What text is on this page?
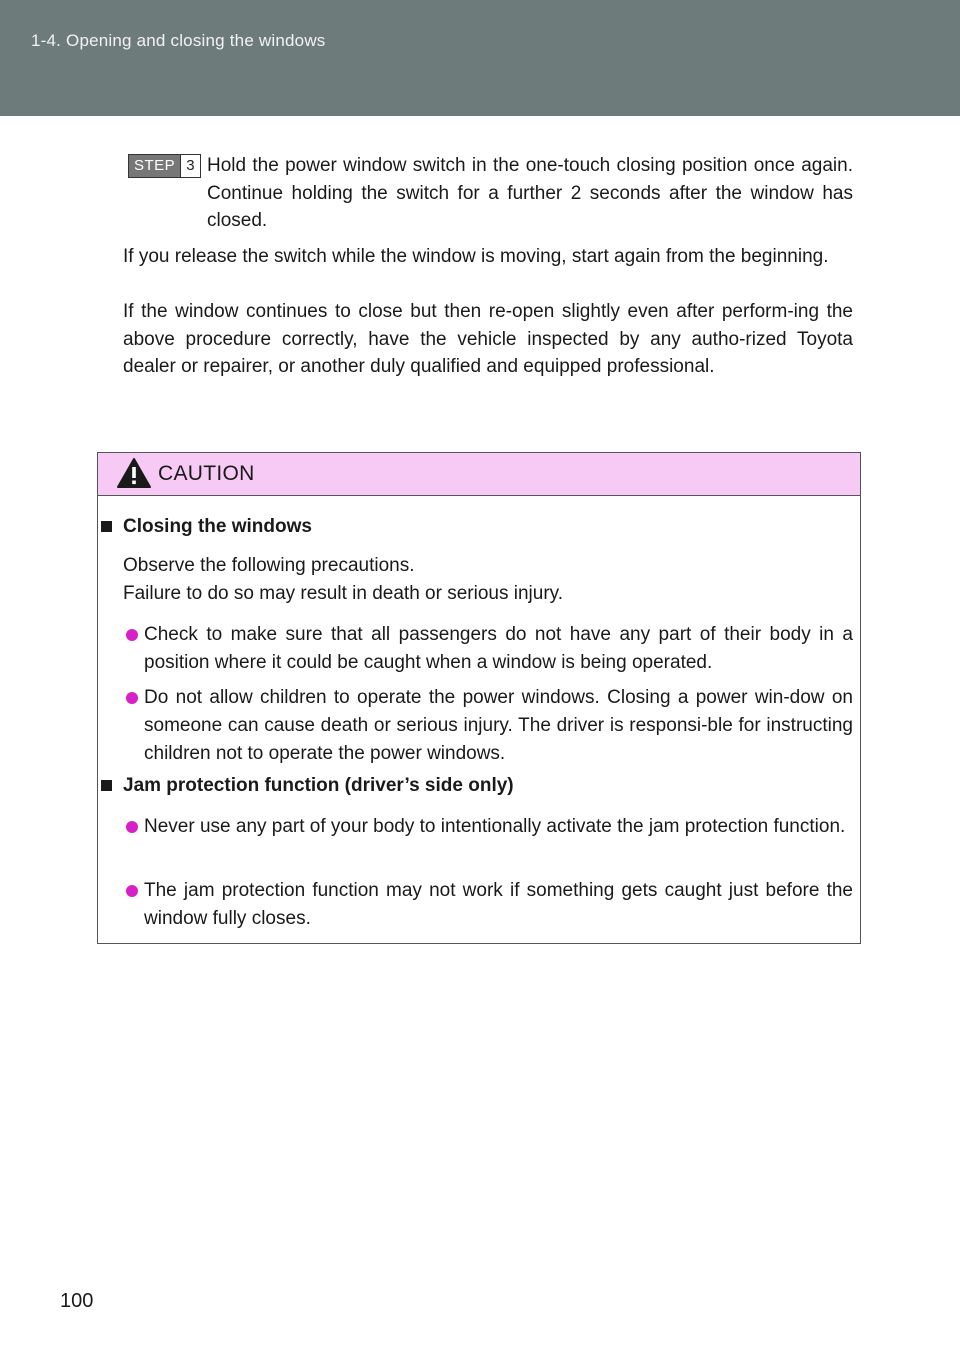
1-4. Opening and closing the windows
STEP 3 Hold the power window switch in the one-touch closing position once again. Continue holding the switch for a further 2 seconds after the window has closed.

If you release the switch while the window is moving, start again from the beginning.

If the window continues to close but then re-open slightly even after perform-ing the above procedure correctly, have the vehicle inspected by any autho-rized Toyota dealer or repairer, or another duly qualified and equipped professional.

CAUTION
Closing the windows

Observe the following precautions.

Failure to do so may result in death or serious injury.

Check to make sure that all passengers do not have any part of their body in a position where it could be caught when a window is being operated.
Do not allow children to operate the power windows. Closing a power win-dow on someone can cause death or serious injury. The driver is responsi-ble for instructing children not to operate the power windows.
Jam protection function (driver’s side only)
Never use any part of your body to intentionally activate the jam protection function.
The jam protection function may not work if something gets caught just before the window fully closes.
100
